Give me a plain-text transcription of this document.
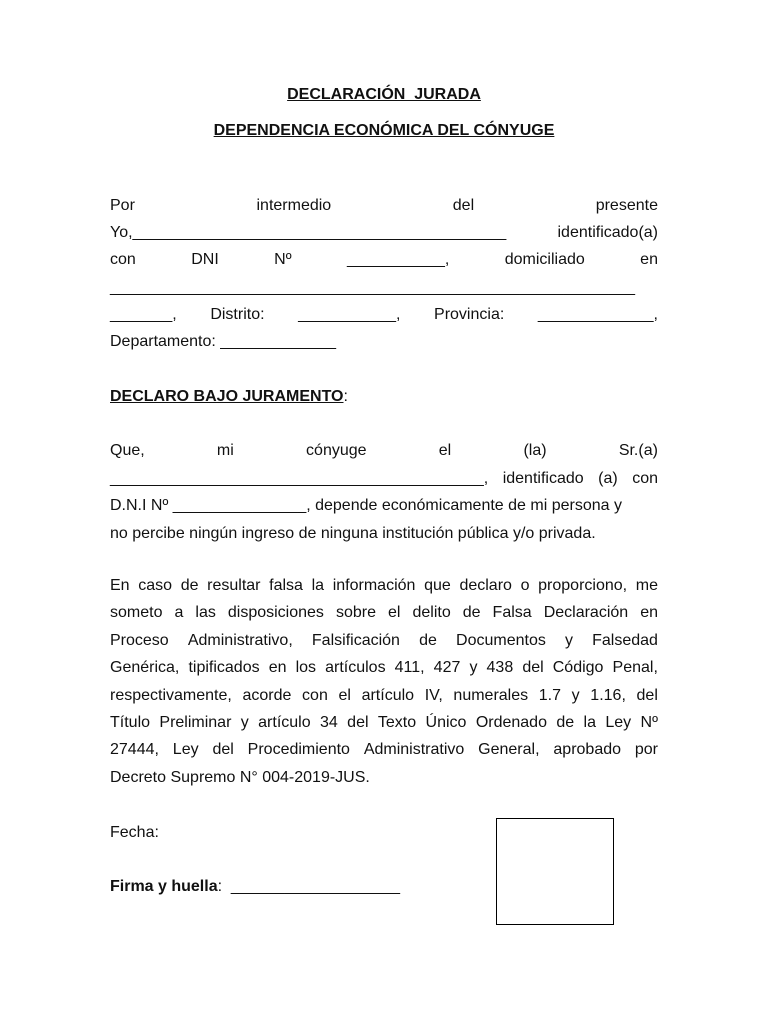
DECLARACIÓN  JURADA
DEPENDENCIA ECONÓMICA DEL CÓNYUGE
Por	intermedio	del	presente
Yo,__________________________________________	identificado(a)
con	DNI	Nº	___________,	domiciliado	en
___________________________________________________________
_______, Distrito: ___________, Provincia: _____________,
Departamento: _____________
DECLARO BAJO JURAMENTO:
Que,	mi	cónyuge	el	(la)	Sr.(a)
__________________________________________, identificado (a) con
D.N.I Nº _______________, depende económicamente de mi persona y
no percibe ningún ingreso de ninguna institución pública y/o privada.
En caso de resultar falsa la información que declaro o proporciono, me
someto a las disposiciones sobre el delito de Falsa Declaración en
Proceso Administrativo, Falsificación de Documentos y Falsedad
Genérica, tipificados en los artículos 411, 427 y 438 del Código Penal,
respectivamente, acorde con el artículo IV, numerales 1.7 y 1.16, del
Título Preliminar y artículo 34 del Texto Único Ordenado de la Ley Nº
27444, Ley del Procedimiento Administrativo General, aprobado por
Decreto Supremo N° 004-2019-JUS.
Fecha:
Firma y huella:  ___________________
